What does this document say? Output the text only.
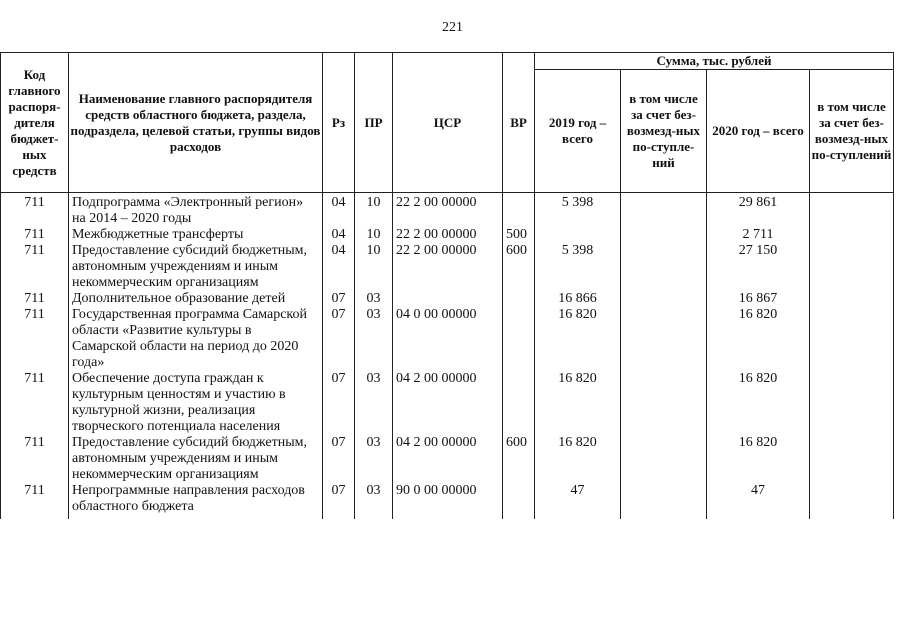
221
Код главного распоря-дителя бюджет-ных средств	Наименование главного распорядителя средств областного бюджета, раздела, подраздела, целевой статьи, группы видов расходов	Рз	ПР	ЦСР	ВР	Сумма, тыс. рублей			
						2019 год – всего	в том числе за счет без-возмезд-ных по-ступле-ний	2020 год – всего	в том числе за счет без-возмезд-ных по-ступлений
711	Подпрограмма «Электронный регион» на 2014 – 2020 годы	04	10	22 2 00 00000		5 398		29 861	
711	Межбюджетные трансферты	04	10	22 2 00 00000	500			2 711	
711	Предоставление субсидий бюджетным, автономным учреждениям и иным некоммерческим организациям	04	10	22 2 00 00000	600	5 398		27 150	
711	Дополнительное образование детей	07	03			16 866		16 867	
711	Государственная программа Самарской области «Развитие культуры в Самарской области на период до 2020 года»	07	03	04 0 00 00000		16 820		16 820	
711	Обеспечение доступа граждан к культурным ценностям и участию в культурной жизни, реализация творческого потенциала населения	07	03	04 2 00 00000		16 820		16 820	
711	Предоставление субсидий бюджетным, автономным учреждениям и иным некоммерческим организациям	07	03	04 2 00 00000	600	16 820		16 820	
711	Непрограммные направления расходов областного бюджета	07	03	90 0 00 00000		47		47	
